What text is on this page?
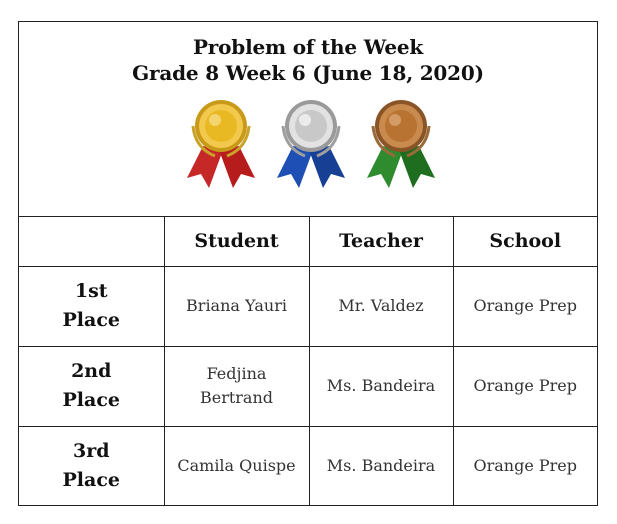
Problem of the Week
Grade 8 Week 6 (June 18, 2020)
	Student	Teacher	School
1st Place	Briana Yauri	Mr. Valdez	Orange Prep
2nd Place	Fedjina Bertrand	Ms. Bandeira	Orange Prep
3rd Place	Camila Quispe	Ms. Bandeira	Orange Prep
